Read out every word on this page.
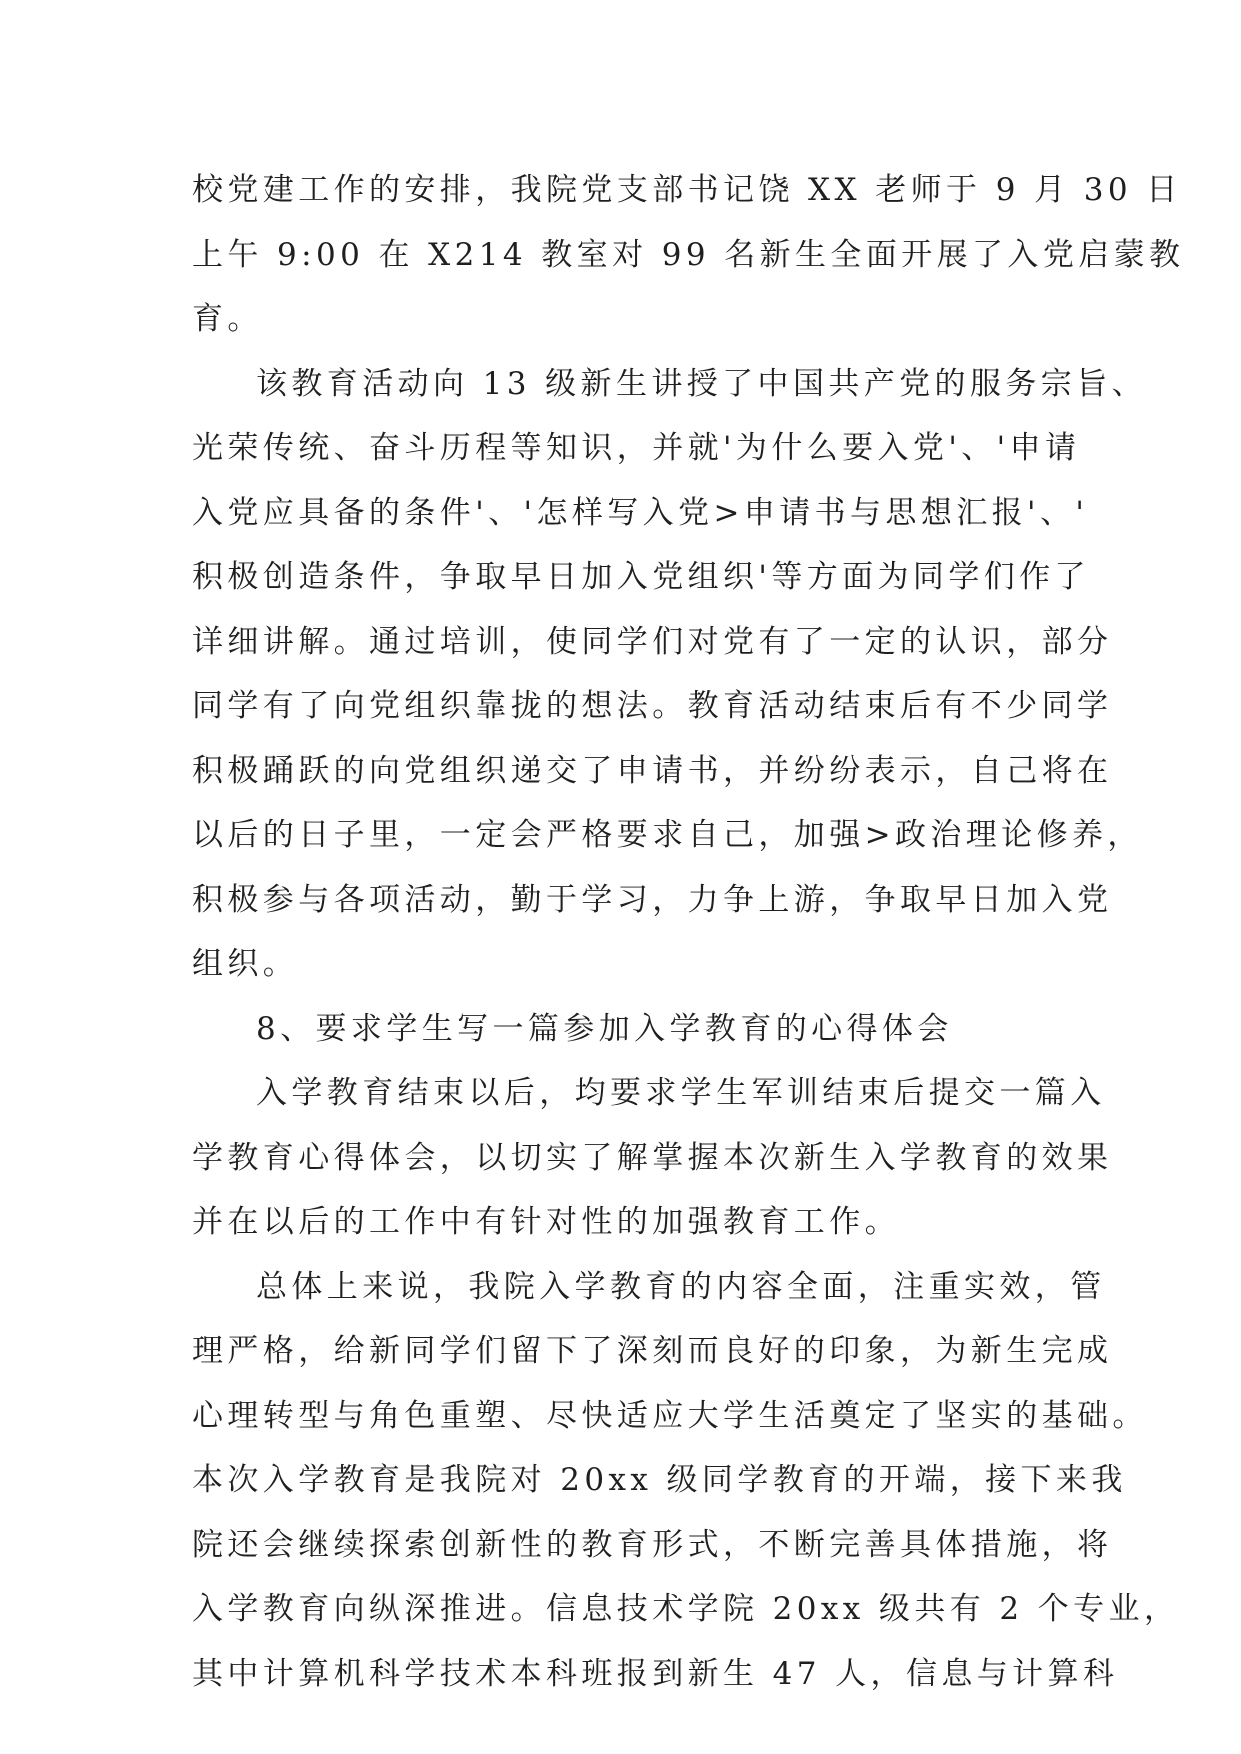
校党建工作的安排，我院党支部书记饶 XX 老师于 9 月 30 日
上午 9:00 在 X214 教室对 99 名新生全面开展了入党启蒙教
育。
该教育活动向 13 级新生讲授了中国共产党的服务宗旨、
光荣传统、奋斗历程等知识，并就'为什么要入党'、'申请
入党应具备的条件'、'怎样写入党>申请书与思想汇报'、'
积极创造条件，争取早日加入党组织'等方面为同学们作了
详细讲解。通过培训，使同学们对党有了一定的认识，部分
同学有了向党组织靠拢的想法。教育活动结束后有不少同学
积极踊跃的向党组织递交了申请书，并纷纷表示，自己将在
以后的日子里，一定会严格要求自己，加强>政治理论修养，
积极参与各项活动，勤于学习，力争上游，争取早日加入党
组织。
8、要求学生写一篇参加入学教育的心得体会
入学教育结束以后，均要求学生军训结束后提交一篇入
学教育心得体会，以切实了解掌握本次新生入学教育的效果
并在以后的工作中有针对性的加强教育工作。
总体上来说，我院入学教育的内容全面，注重实效，管
理严格，给新同学们留下了深刻而良好的印象，为新生完成
心理转型与角色重塑、尽快适应大学生活奠定了坚实的基础。
本次入学教育是我院对 20xx 级同学教育的开端，接下来我
院还会继续探索创新性的教育形式，不断完善具体措施，将
入学教育向纵深推进。信息技术学院 20xx 级共有 2 个专业，
其中计算机科学技术本科班报到新生 47 人，信息与计算科
